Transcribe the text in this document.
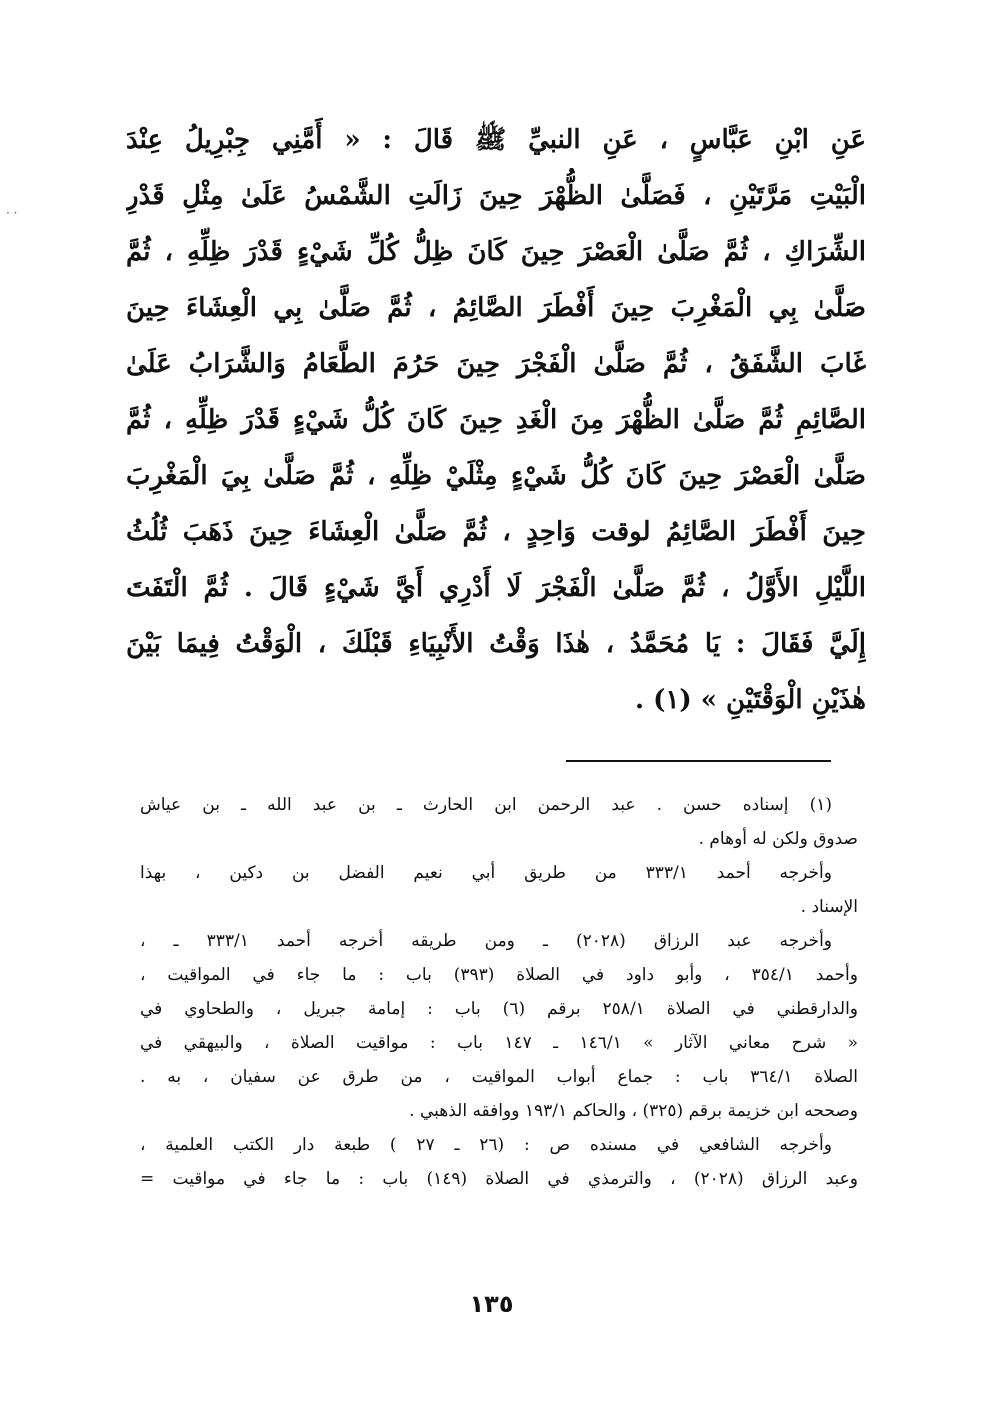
· ·
عَنِ ابْنِ عَبَّاسٍ ، عَنِ النبيِّ ﷺ قَالَ : « أَمَّنِي جِبْرِيلُ عِنْدَ
الْبَيْتِ مَرَّتَيْنِ ، فَصَلَّىٰ الظُّهْرَ حِينَ زَالَتِ الشَّمْسُ عَلَىٰ مِثْلِ قَدْرِ
الشِّرَاكِ ، ثُمَّ صَلَّىٰ الْعَصْرَ حِينَ كَانَ ظِلُّ كُلِّ شَيْءٍ قَدْرَ ظِلِّهِ ، ثُمَّ
صَلَّىٰ بِي الْمَغْرِبَ حِينَ أَفْطَرَ الصَّائِمُ ، ثُمَّ صَلَّىٰ بِي الْعِشَاءَ حِينَ
غَابَ الشَّفَقُ ، ثُمَّ صَلَّىٰ الْفَجْرَ حِينَ حَرُمَ الطَّعَامُ وَالشَّرَابُ عَلَىٰ
الصَّائِمِ ثُمَّ صَلَّىٰ الظُّهْرَ مِنَ الْغَدِ حِينَ كَانَ كُلُّ شَيْءٍ قَدْرَ ظِلِّهِ ، ثُمَّ
صَلَّىٰ الْعَصْرَ حِينَ كَانَ كُلُّ شَيْءٍ مِثْلَيْ ظِلِّهِ ، ثُمَّ صَلَّىٰ بِيَ الْمَغْرِبَ
حِينَ أَفْطَرَ الصَّائِمُ لوقت وَاحِدٍ ، ثُمَّ صَلَّىٰ الْعِشَاءَ حِينَ ذَهَبَ ثُلُثُ
اللَّيْلِ الأَوَّلُ ، ثُمَّ صَلَّىٰ الْفَجْرَ لَا أَدْرِي أَيَّ شَيْءٍ قَالَ . ثُمَّ الْتَفَتَ
إِلَيَّ فَقَالَ : يَا مُحَمَّدُ ، هٰذَا وَقْتُ الأَنْبِيَاءِ قَبْلَكَ ، الْوَقْتُ فِيمَا بَيْنَ
هٰذَيْنِ الْوَقْتَيْنِ » (١) .
(١) إسناده حسن . عبد الرحمن ابن الحارث ـ بن عبد الله ـ بن عياش
صدوق ولكن له أوهام .
وأخرجه أحمد ٣٣٣/١ من طريق أبي نعيم الفضل بن دكين ، بهذا
الإسناد .
وأخرجه عبد الرزاق (٢٠٢٨) ـ ومن طريقه أخرجه أحمد ٣٣٣/١ ـ ،
وأحمد ٣٥٤/١ ، وأبو داود في الصلاة (٣٩٣) باب : ما جاء في المواقيت ،
والدارقطني في الصلاة ٢٥٨/١ برقم (٦) باب : إمامة جبريل ، والطحاوي في
« شرح معاني الآثار » ١٤٦/١ ـ ١٤٧ باب : مواقيت الصلاة ، والبيهقي في
الصلاة ٣٦٤/١ باب : جماع أبواب المواقيت ، من طرق عن سفيان ، به .
وصححه ابن خزيمة برقم (٣٢٥) ، والحاكم ١٩٣/١ ووافقه الذهبي .
وأخرجه الشافعي في مسنده ص : (٢٦ ـ ٢٧ ) طبعة دار الكتب العلمية ،
وعبد الرزاق (٢٠٢٨) ، والترمذي في الصلاة (١٤٩) باب : ما جاء في مواقيت =
١٣٥
